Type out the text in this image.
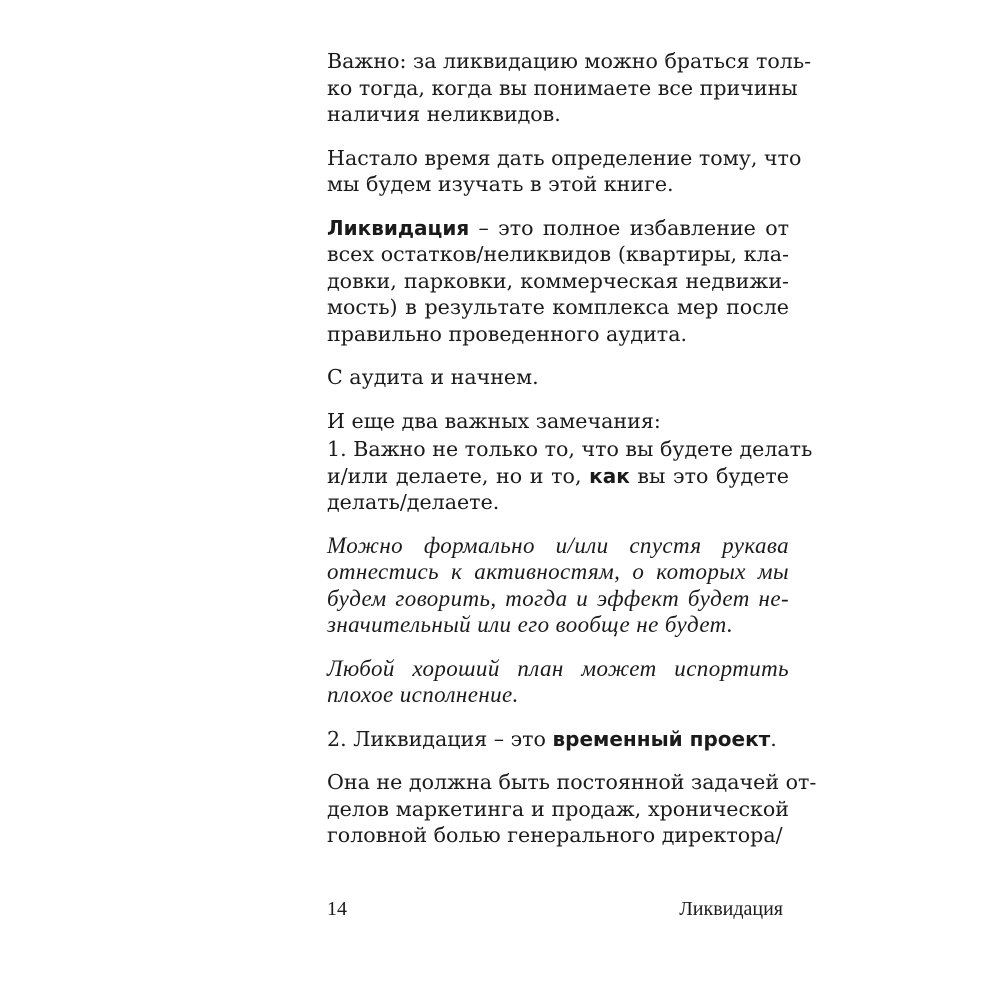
Важно: за ликвидацию можно браться толь-
ко тогда, когда вы понимаете все причины
наличия неликвидов.

Настало время дать определение тому, что
мы будем изучать в этой книге.

Ликвидация – это полное избавление от
всех остатков/неликвидов (квартиры, кла-
довки, парковки, коммерческая недвижи-
мость) в результате комплекса мер после
правильно проведенного аудита.

С аудита и начнем.

И еще два важных замечания:

1. Важно не только то, что вы будете делать
и/или делаете, но и то, как вы это будете
делать/делаете.

Можно формально и/или спустя рукава
отнестись к активностям, о которых мы
будем говорить, тогда и эффект будет не-
значительный или его вообще не будет.

Любой хороший план может испортить
плохое исполнение.

2. Ликвидация – это временный проект.

Она не должна быть постоянной задачей от-
делов маркетинга и продаж, хронической
головной болью генерального директора/

14	Ликвидация
